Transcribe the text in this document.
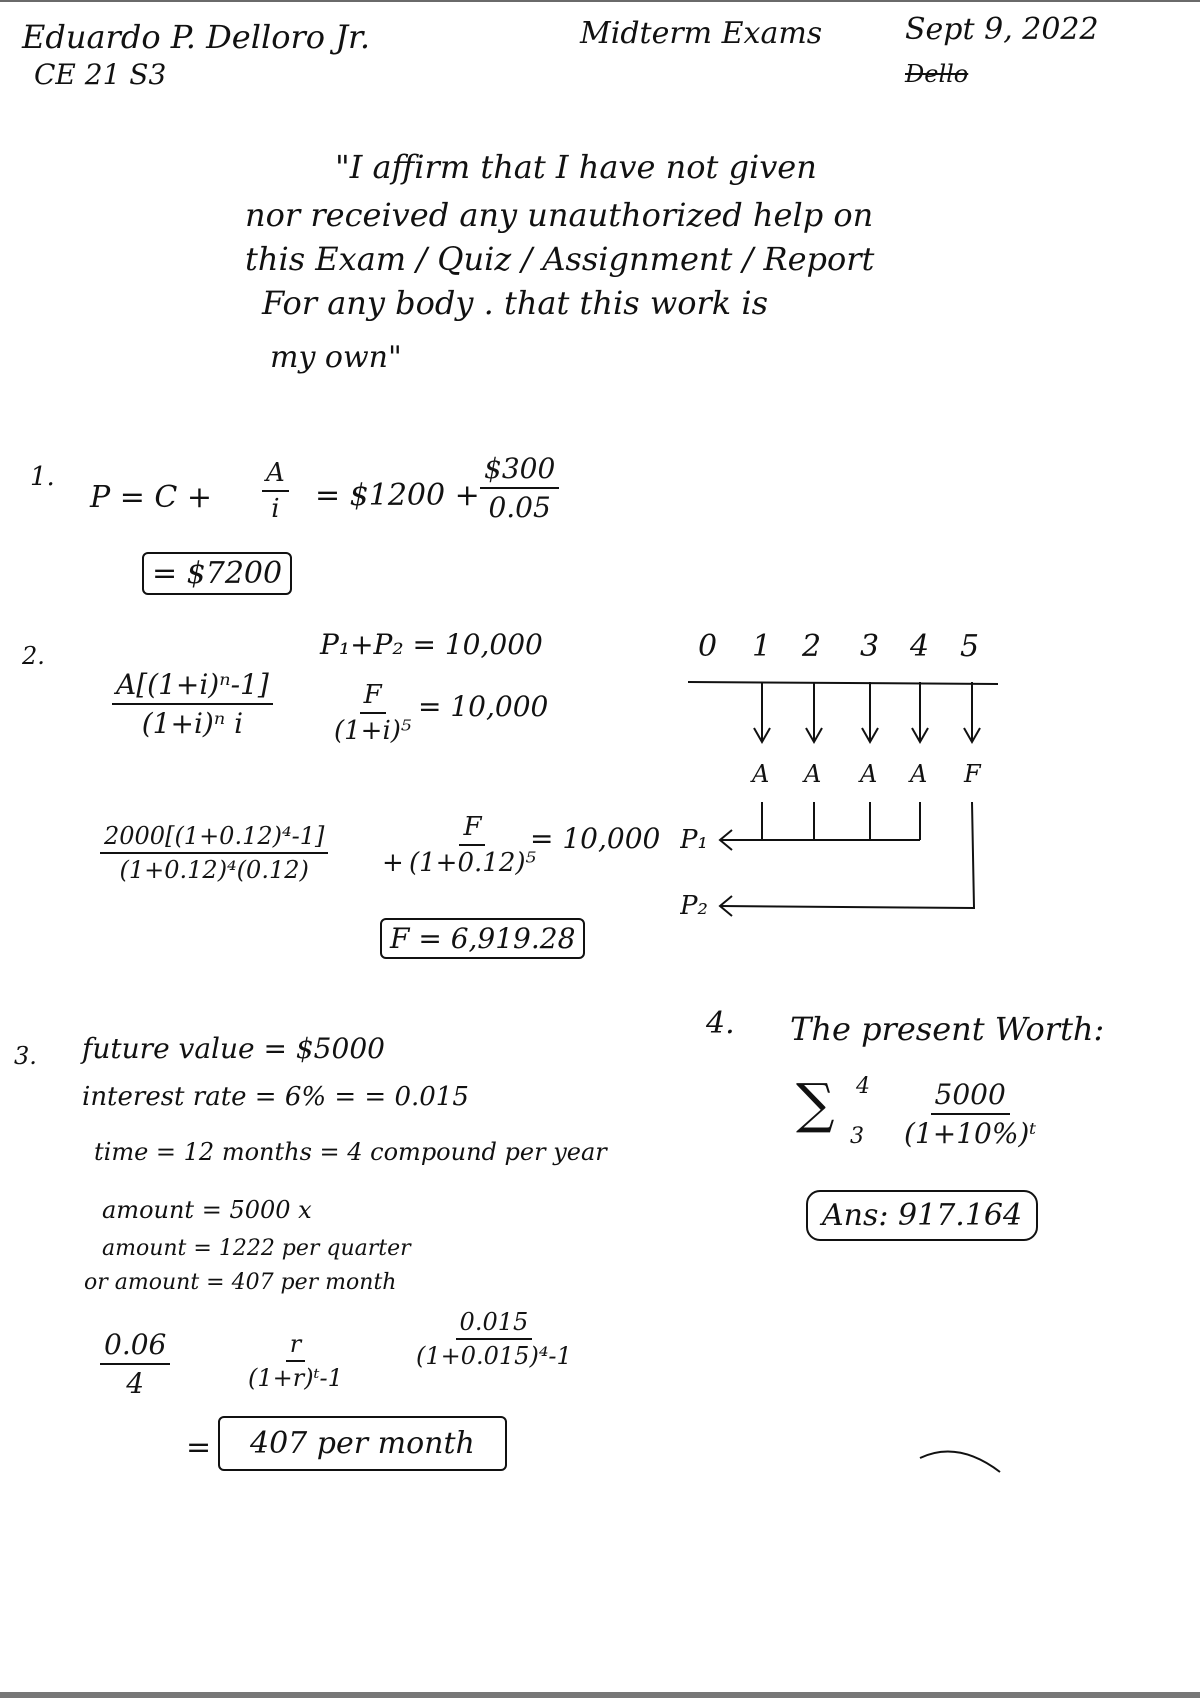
Eduardo P. Delloro Jr.
CE 21 S3
Midterm Exams	Sept 9, 2022
Dello
"I affirm that I have not given
nor received any unauthorized help on
this Exam / Quiz / Assignment / Report
For any body . that this work is
my own"
1.
$P = C + \frac{A}{i}$ = $1200 + $\frac{\$300}{0.05}$
= $7200
2.	P₁+P₂ = 10,000
$\frac{\text{A[(1+i)ⁿ-1]}}{\text{(1+i)ⁿ i}} \frac{F}{\text{(1+i)⁵}} = 10,000$
$\frac{\text{2000[(1+0.12)⁴-1]}}{\text{(1+0.12)⁴(0.12)}} + \frac{F}{\text{(1+0.12)⁵}}$
= 10,000
F = 6,919.28
0 1 2 3 4 5
A A A A F
P₁
P₂
3. future value = $5000
interest rate = 6% = = 0.015
time = 12 months = 4 compound per year
amount = 5000 x
amount = 1222 per quarter
or amount = 407 per month
$\frac{0.06}{4}$	$\frac{r}{\text{(1+r)ᵗ-1}}$	$\frac{0.015}{\text{(1+0.015)⁴-1}}$
=	407 per month
4. The present Worth:
∑ 4
$3 \frac{5000}{\text{(1+10\%)ᵗ}}$
Ans: 917.164
